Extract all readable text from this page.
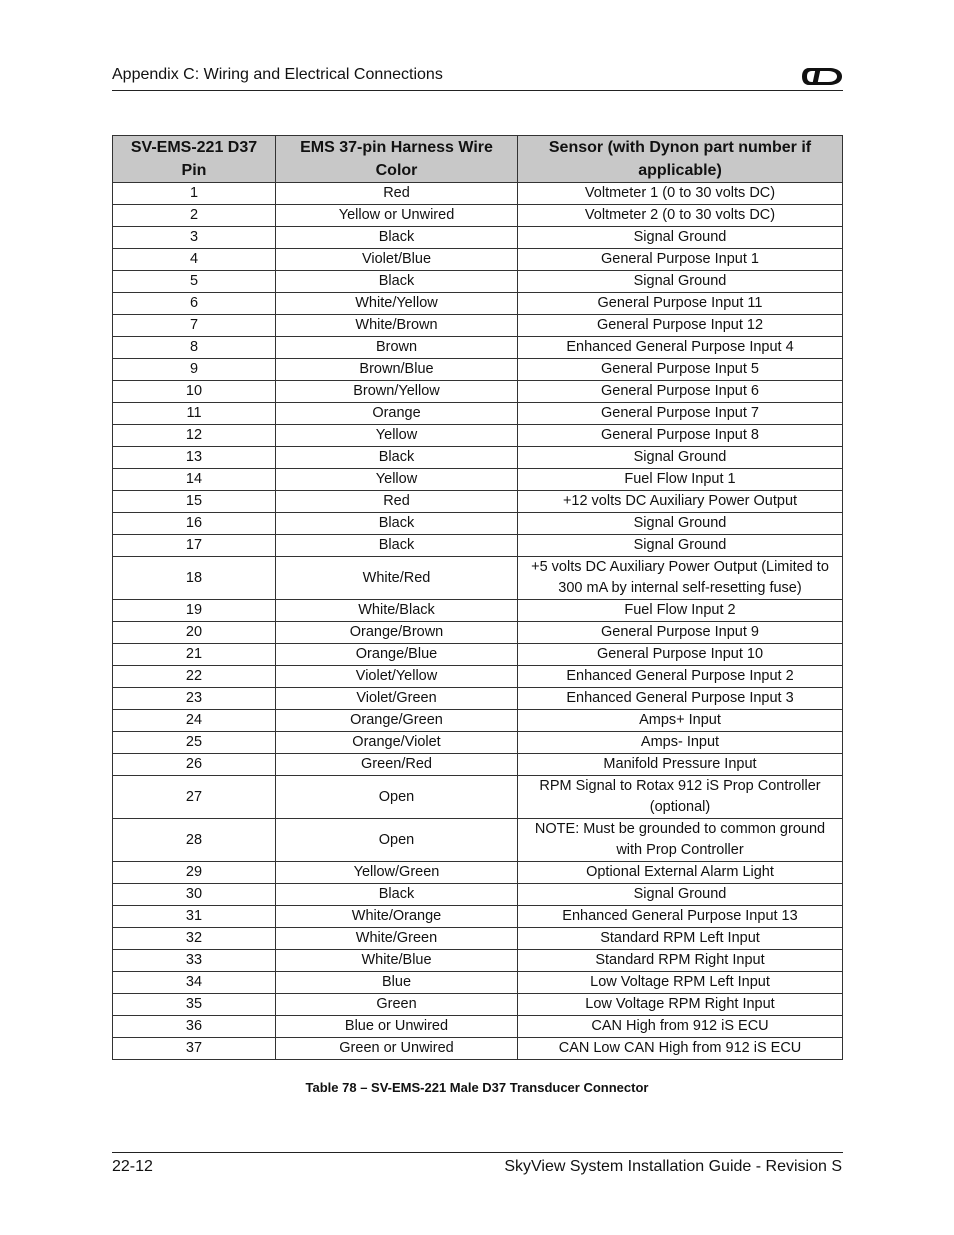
Appendix C: Wiring and Electrical Connections
SV-EMS-221 D37 Pin	EMS 37-pin Harness Wire Color	Sensor (with Dynon part number if applicable)
1	Red	Voltmeter 1 (0 to 30 volts DC)
2	Yellow or Unwired	Voltmeter 2 (0 to 30 volts DC)
3	Black	Signal Ground
4	Violet/Blue	General Purpose Input 1
5	Black	Signal Ground
6	White/Yellow	General Purpose Input 11
7	White/Brown	General Purpose Input 12
8	Brown	Enhanced General Purpose Input 4
9	Brown/Blue	General Purpose Input 5
10	Brown/Yellow	General Purpose Input 6
11	Orange	General Purpose Input 7
12	Yellow	General Purpose Input 8
13	Black	Signal Ground
14	Yellow	Fuel Flow Input 1
15	Red	+12 volts DC Auxiliary Power Output
16	Black	Signal Ground
17	Black	Signal Ground
18	White/Red	+5 volts DC Auxiliary Power Output (Limited to 300 mA by internal self-resetting fuse)
19	White/Black	Fuel Flow Input 2
20	Orange/Brown	General Purpose Input 9
21	Orange/Blue	General Purpose Input 10
22	Violet/Yellow	Enhanced General Purpose Input 2
23	Violet/Green	Enhanced General Purpose Input 3
24	Orange/Green	Amps+ Input
25	Orange/Violet	Amps- Input
26	Green/Red	Manifold Pressure Input
27	Open	RPM Signal to Rotax 912 iS Prop Controller (optional)
28	Open	NOTE: Must be grounded to common ground with Prop Controller
29	Yellow/Green	Optional External Alarm Light
30	Black	Signal Ground
31	White/Orange	Enhanced General Purpose Input 13
32	White/Green	Standard RPM Left Input
33	White/Blue	Standard RPM Right Input
34	Blue	Low Voltage RPM Left Input
35	Green	Low Voltage RPM Right Input
36	Blue or Unwired	CAN High from 912 iS ECU
37	Green or Unwired	CAN Low CAN High from 912 iS ECU
Table 78 – SV-EMS-221 Male D37 Transducer Connector
22-12	SkyView System Installation Guide - Revision S
